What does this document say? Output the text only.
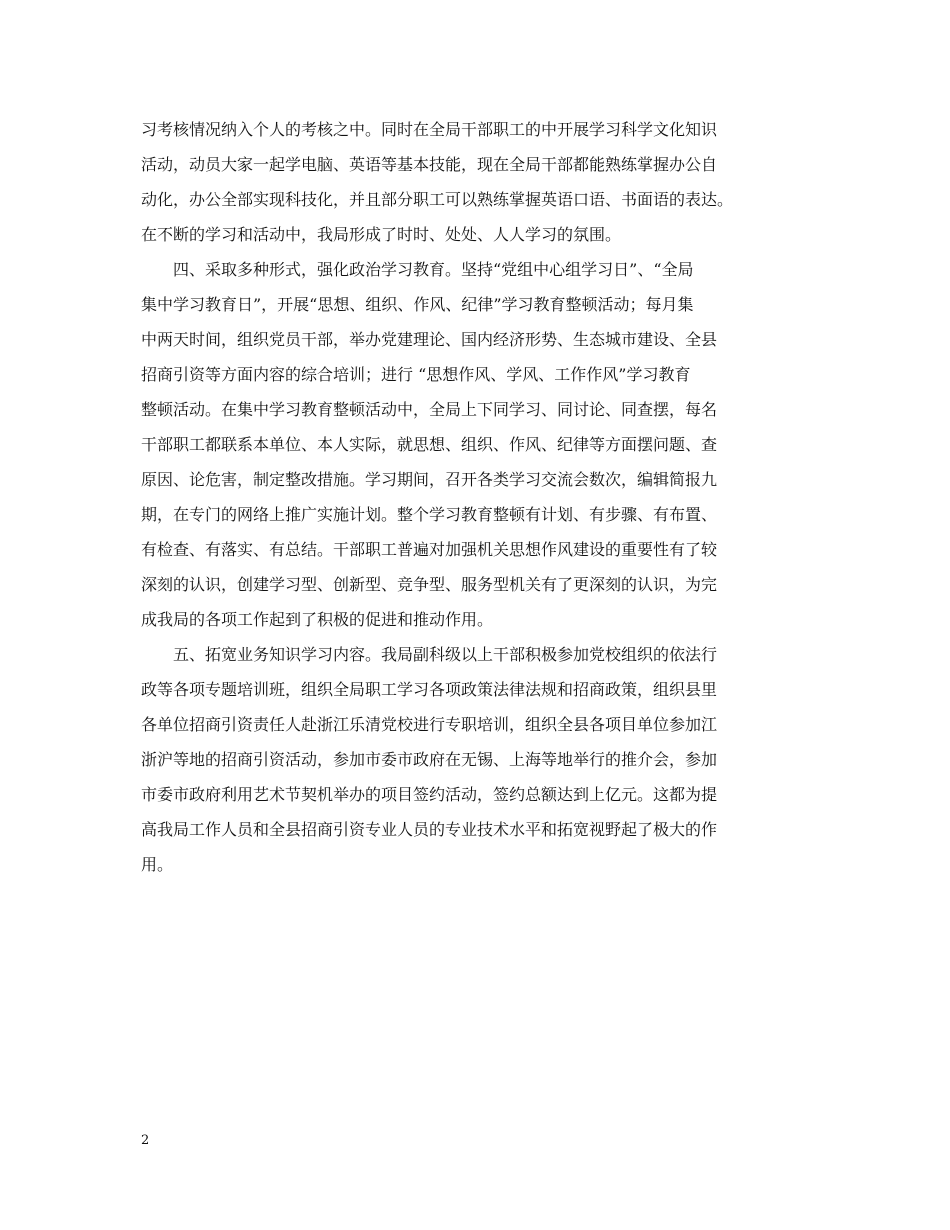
习考核情况纳入个人的考核之中。同时在全局干部职工的中开展学习科学文化知识
活动，动员大家一起学电脑、英语等基本技能，现在全局干部都能熟练掌握办公自
动化，办公全部实现科技化，并且部分职工可以熟练掌握英语口语、书面语的表达。
在不断的学习和活动中，我局形成了时时、处处、人人学习的氛围。
四、采取多种形式，强化政治学习教育。坚持“党组中心组学习日”、“全局
集中学习教育日”，开展“思想、组织、作风、纪律”学习教育整顿活动；每月集
中两天时间，组织党员干部，举办党建理论、国内经济形势、生态城市建设、全县
招商引资等方面内容的综合培训；进行 “思想作风、学风、工作作风”学习教育
整顿活动。在集中学习教育整顿活动中，全局上下同学习、同讨论、同查摆，每名
干部职工都联系本单位、本人实际，就思想、组织、作风、纪律等方面摆问题、查
原因、论危害，制定整改措施。学习期间，召开各类学习交流会数次，编辑简报九
期，在专门的网络上推广实施计划。整个学习教育整顿有计划、有步骤、有布置、
有检查、有落实、有总结。干部职工普遍对加强机关思想作风建设的重要性有了较
深刻的认识，创建学习型、创新型、竞争型、服务型机关有了更深刻的认识，为完
成我局的各项工作起到了积极的促进和推动作用。
五、拓宽业务知识学习内容。我局副科级以上干部积极参加党校组织的依法行
政等各项专题培训班，组织全局职工学习各项政策法律法规和招商政策，组织县里
各单位招商引资责任人赴浙江乐清党校进行专职培训，组织全县各项目单位参加江
浙沪等地的招商引资活动，参加市委市政府在无锡、上海等地举行的推介会，参加
市委市政府利用艺术节契机举办的项目签约活动，签约总额达到上亿元。这都为提
高我局工作人员和全县招商引资专业人员的专业技术水平和拓宽视野起了极大的作
用。
2
